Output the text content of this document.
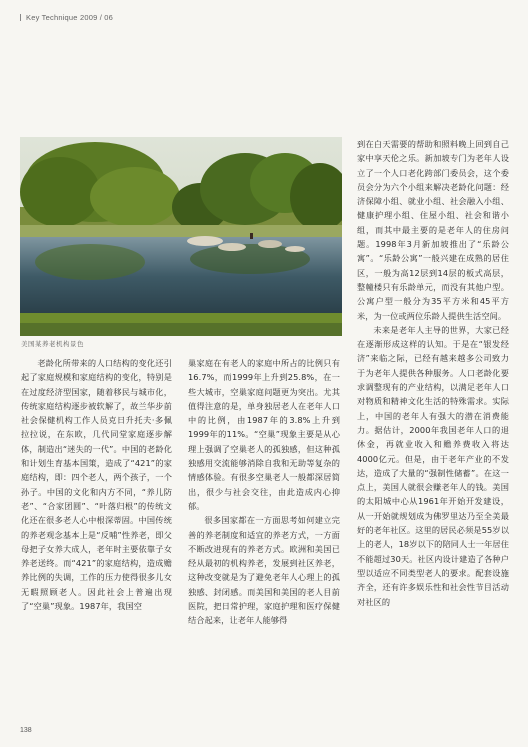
Key Technique 2009 / 06
美国某养老机构景色

老龄化所带来的人口结构的变化还引起了家庭规模和家庭结构的变化，特别是在过度经济型国家，随着移民与城市化，传统家庭结构逐步被软解了，故兰华步前社会保健机构工作人员克日升托夫·多佩拉拉说，在东欧，几代同堂家庭逐步解体，制造出“迷失的一代”。中国的老龄化和计划生育基本国策，造成了“421”的家庭结构，即：四个老人，两个孩子，一个孙子。中国的文化和内方不同，“养儿防老”、“合家团圆”、“叶落归根”的传统文化还在很多老人心中根深蒂固。中国传统的养老观念基本上是“反哺”性养老，即父母把子女养大成人，老年时主要依靠子女养老送终。而“421”的家庭结构，造成赡养比例的失调，工作的压力使得很多儿女无暇照顾老人。因此社会上普遍出现了“空巢”现象。1987年，我国空

巢家庭在有老人的家庭中所占的比例只有16.7%，而1999年上升到25.8%，在一些大城市，空巢家庭问题更为突出。尤其值得注意的是，单身独居老人在老年人口中的比例，由1987年的3.8%上升到1999年的11%。“空巢”现象主要是从心理上强调了空巢老人的孤独感，但这种孤独感用交流能够消除自我和无助等复杂的情感体验。有很多空巢老人一般都深居简出，很少与社会交往，由此造成内心抑郁。

很多国家都在一方面思考如何建立完善的养老制度和适宜的养老方式，一方面不断改进现有的养老方式。欧洲和美国已经从最初的机构养老，发展到社区养老，这种改变就是为了避免老年人心理上的孤独感、封闭感。而美国和美国的老人目前医院，把日常护理，家庭护理和医疗保健结合起来，让老年人能够得

到在白天需要的帮助和照料晚上回到自己家中享天伦之乐。新加坡专门为老年人设立了一个人口老化跨部门委员会，这个委员会分为六个小组来解决老龄化问题：经济保障小组、就业小组、社会融入小组、健康护理小组、住屋小组、社会和谐小组，而其中最主要的是老年人的住房问题。1998年3月新加坡推出了“乐龄公寓”。“乐龄公寓”一般兴建在成熟的居住区，一般为高12层到14层的板式高层，整幢楼只有乐龄单元，而没有其他户型。公寓户型一般分为35平方米和45平方米，为一位或两位乐龄人提供生活空间。

未来是老年人主导的世界，大家已经在逐渐形成这样的认知。于是在“银发经济”来临之际，已经有越来越多公司致力于为老年人提供各种服务。人口老龄化要求调整现有的产业结构，以满足老年人口对物质和精神文化生活的特殊需求。实际上，中国的老年人有强大的潜在消费能力。据估计，2000年我国老年人口的退休金，再就业收入和赡养费收入将达4000亿元。但是，由于老年产业的不发达，造成了大量的“强制性储蓄”。在这一点上，美国人就很会赚老年人的钱。美国的太阳城中心从1961年开始开发建设，从一开始就规划成为佛罗里达乃至全美最好的老年社区。这里的居民必须是55岁以上的老人，18岁以下的陪同人士一年居住不能超过30天。社区内设计建造了各种户型以适应不同类型老人的要求。配套设施齐全，还有许多娱乐性和社会性节目活动对社区的

138
